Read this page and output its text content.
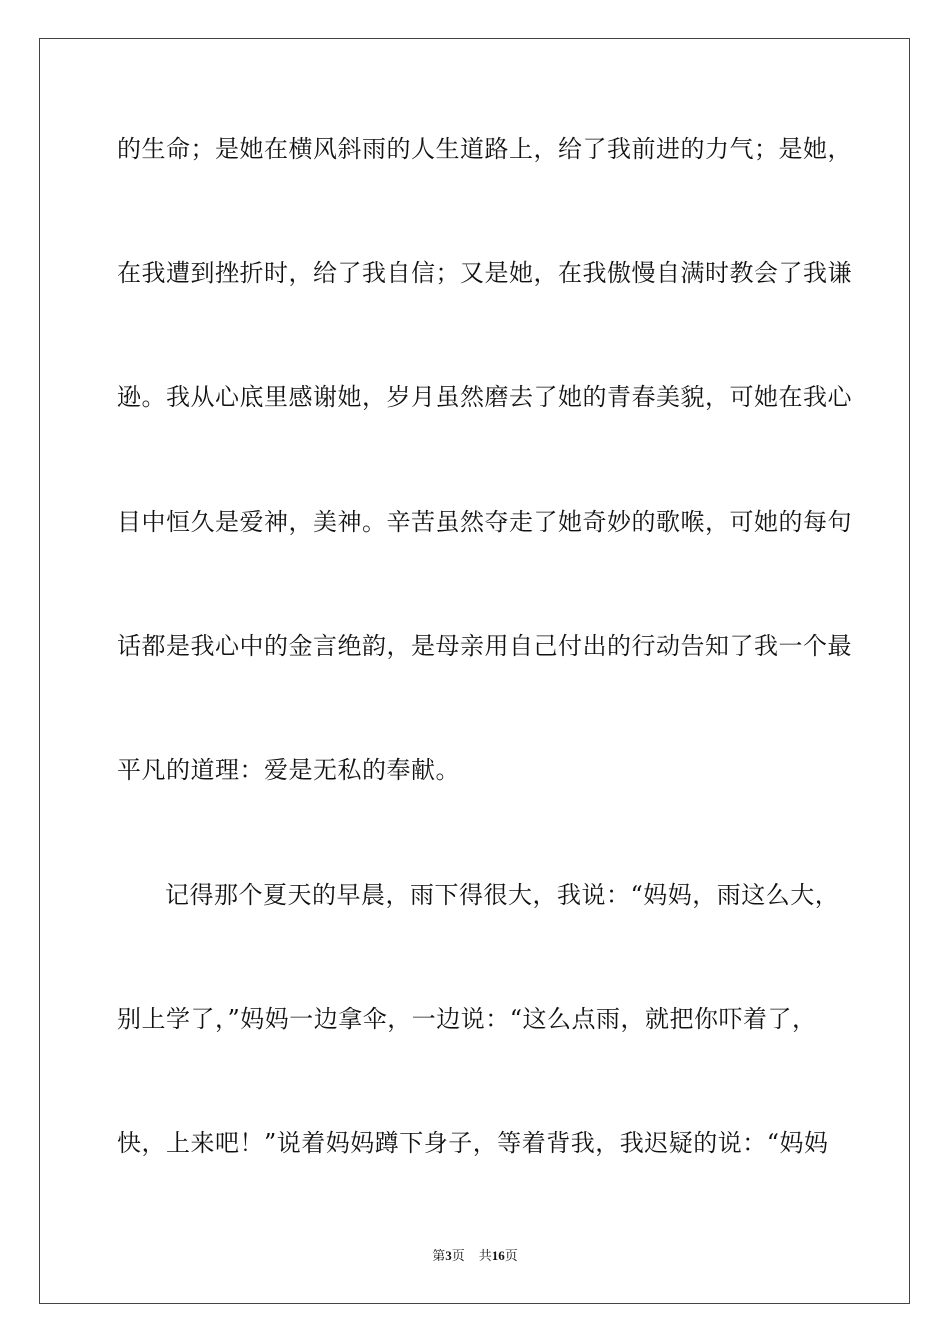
的生命；是她在横风斜雨的人生道路上，给了我前进的力气；是她，
在我遭到挫折时，给了我自信；又是她，在我傲慢自满时教会了我谦
逊。我从心底里感谢她，岁月虽然磨去了她的青春美貌，可她在我心
目中恒久是爱神，美神。辛苦虽然夺走了她奇妙的歌喉，可她的每句
话都是我心中的金言绝韵，是母亲用自己付出的行动告知了我一个最
平凡的道理：爱是无私的奉献。
记得那个夏天的早晨，雨下得很大，我说：“妈妈，雨这么大，
别上学了，”妈妈一边拿伞，一边说：“这么点雨，就把你吓着了，
快，上来吧！”说着妈妈蹲下身子，等着背我，我迟疑的说：“妈妈
第3页 共16页
